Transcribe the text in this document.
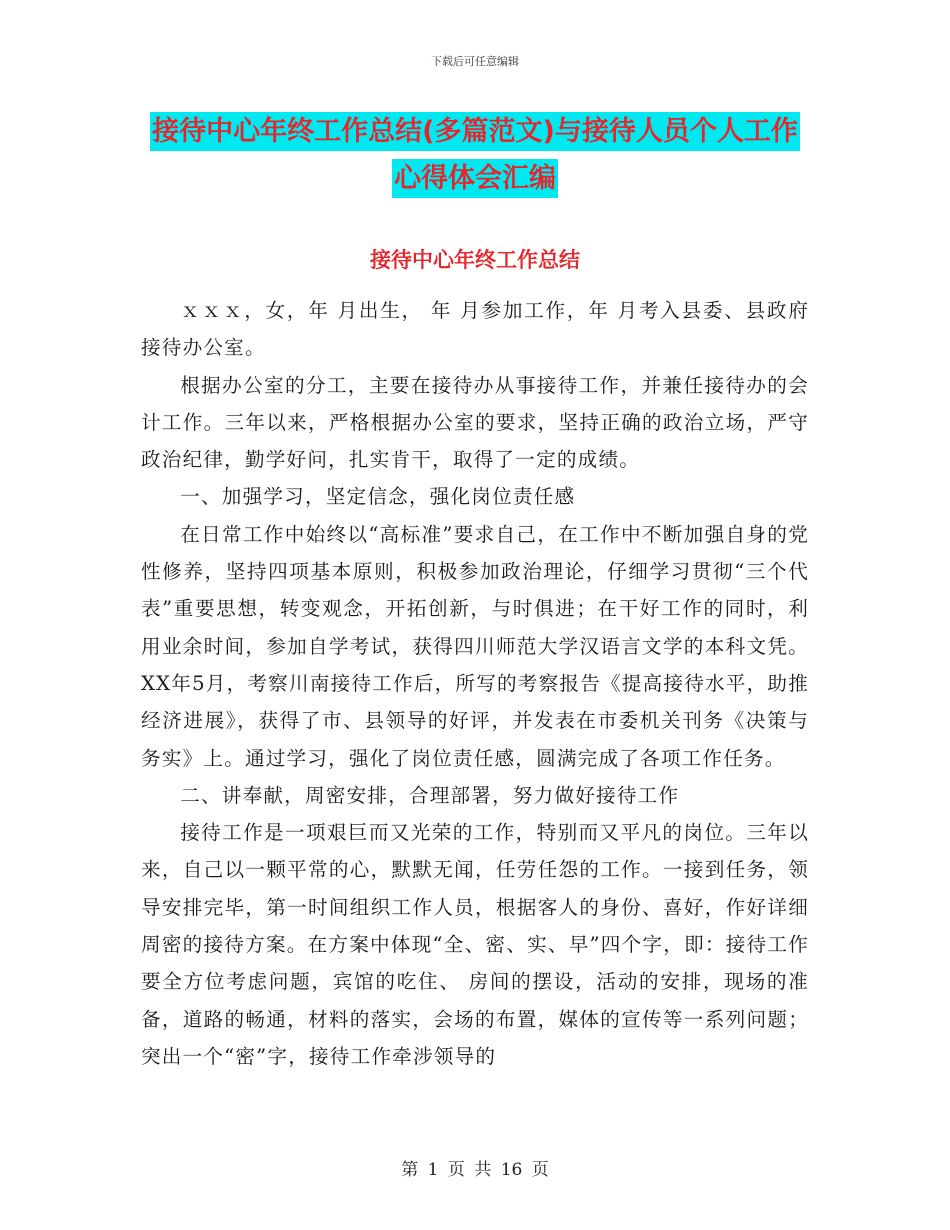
下载后可任意编辑
接待中心年终工作总结(多篇范文)与接待人员个人工作心得体会汇编
接待中心年终工作总结

ｘｘｘ，女，年 月出生， 年 月参加工作，年 月考入县委、县政府接待办公室。

根据办公室的分工，主要在接待办从事接待工作，并兼任接待办的会计工作。三年以来，严格根据办公室的要求，坚持正确的政治立场，严守政治纪律，勤学好问，扎实肯干，取得了一定的成绩。

一、加强学习，坚定信念，强化岗位责任感

在日常工作中始终以“高标准”要求自己，在工作中不断加强自身的党性修养，坚持四项基本原则，积极参加政治理论，仔细学习贯彻“三个代表”重要思想，转变观念，开拓创新，与时俱进；在干好工作的同时，利用业余时间，参加自学考试，获得四川师范大学汉语言文学的本科文凭。XX年5月，考察川南接待工作后，所写的考察报告《提高接待水平，助推经济进展》，获得了市、县领导的好评，并发表在市委机关刊务《决策与务实》上。通过学习，强化了岗位责任感，圆满完成了各项工作任务。

二、讲奉献，周密安排，合理部署，努力做好接待工作

接待工作是一项艰巨而又光荣的工作，特别而又平凡的岗位。三年以来，自己以一颗平常的心，默默无闻，任劳任怨的工作。一接到任务，领导安排完毕，第一时间组织工作人员，根据客人的身份、喜好，作好详细周密的接待方案。在方案中体现“全、密、实、早”四个字，即：接待工作要全方位考虑问题，宾馆的吃住、 房间的摆设，活动的安排，现场的准备，道路的畅通，材料的落实，会场的布置，媒体的宣传等一系列问题；突出一个“密”字，接待工作牵涉领导的

第 1 页 共 16 页
